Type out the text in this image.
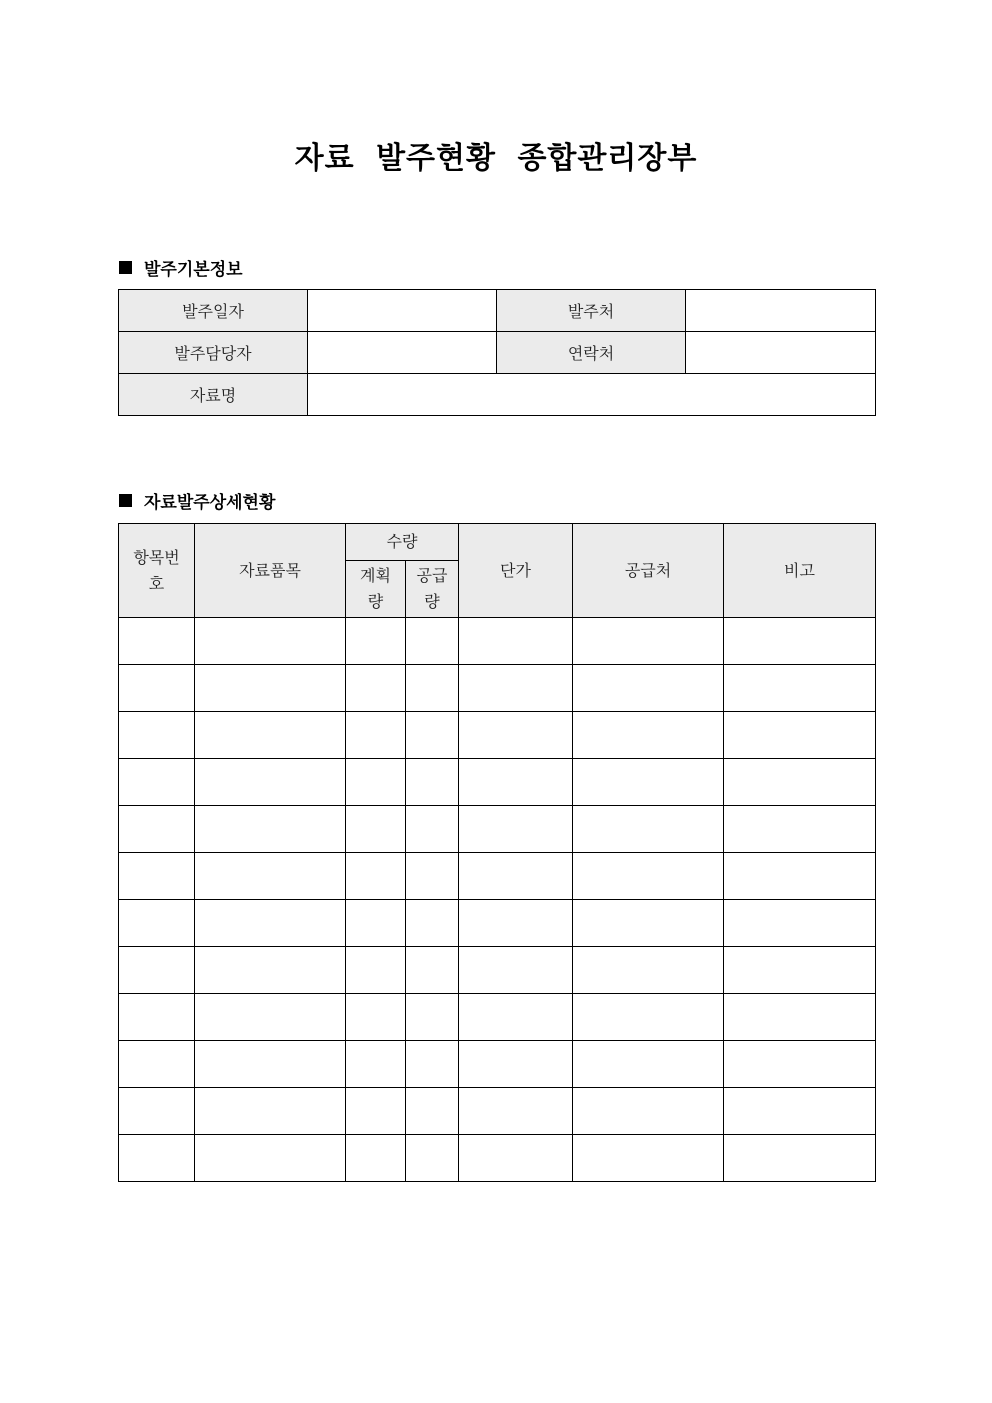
자료 발주현황 종합관리장부
발주기본정보
발주일자		발주처	
발주담당자		연락처	
자료명			
자료발주상세현황
항목번호	자료품목	수량		단가	공급처	비고
		계획량	공급량			
